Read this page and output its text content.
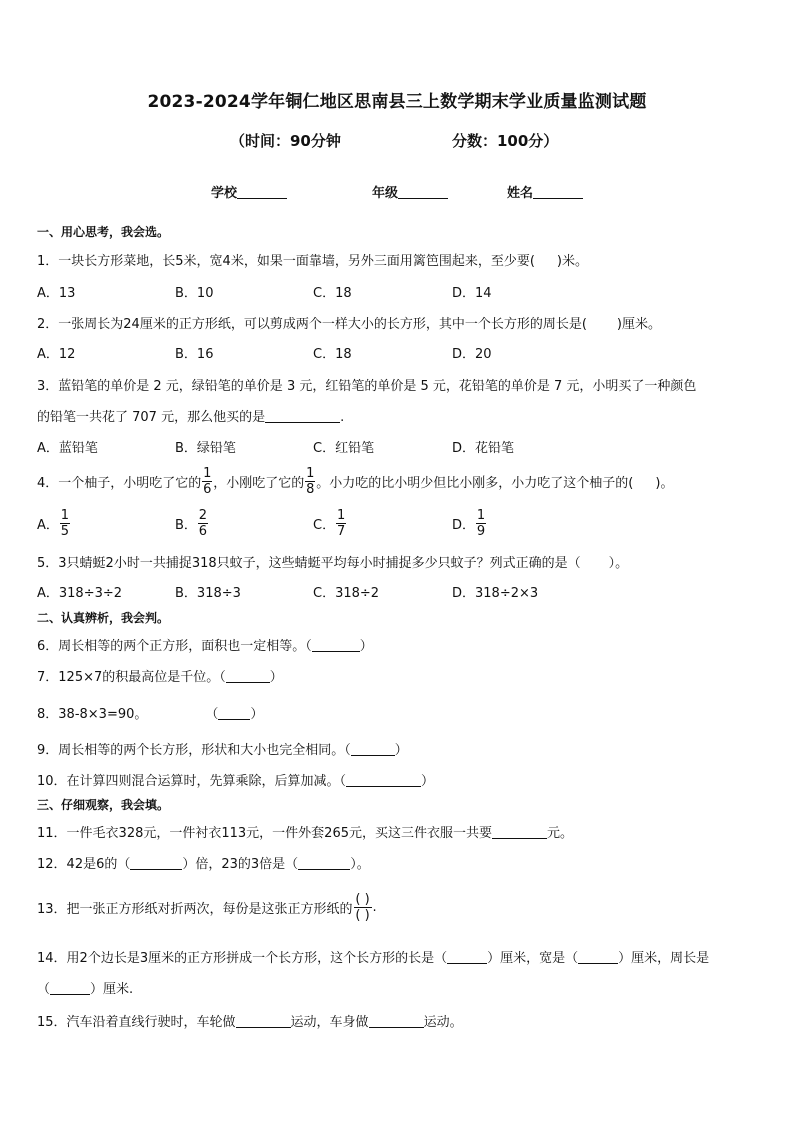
2023-2024学年铜仁地区思南县三上数学期末学业质量监测试题
（时间：90分钟	分数：100分）
学校	年级	姓名
一、用心思考，我会选。
1．一块长方形菜地，长5米，宽4米，如果一面靠墙，另外三面用篱笆围起来，至少要( )米。
A．13	B．10	C．18	D．14
2．一张周长为24厘米的正方形纸，可以剪成两个一样大小的长方形，其中一个长方形的周长是( )厘米。
A．12	B．16	C．18	D．20
3．蓝铅笔的单价是 2 元，绿铅笔的单价是 3 元，红铅笔的单价是 5 元，花铅笔的单价是 7 元，小明买了一种颜色
的铅笔一共花了 707 元，那么他买的是	.
A．蓝铅笔	B．绿铅笔	C．红铅笔	D．花铅笔
4．一个柚子，小明吃了它的 $\frac{1}{6}$ ，小刚吃了它的 $\frac{1}{8}$ 。小力吃的比小明少但比小刚多，小力吃了这个柚子的( )。
A． $\frac{1}{5}$	B． $\frac{2}{6}$	C． $\frac{1}{7}$	D． $\frac{1}{9}$
5．3只蜻蜓2小时一共捕捉318只蚊子，这些蜻蜓平均每小时捕捉多少只蚊子？列式正确的是（ ）。
A．318÷3÷2	B．318÷3	C．318÷2	D．318÷2×3
二、认真辨析，我会判。
6．周长相等的两个正方形，面积也一定相等。（	）
7．125×7的积最高位是千位。（	）
8．38-8×3=90。	（ ）
9．周长相等的两个长方形，形状和大小也完全相同。（	）
10．在计算四则混合运算时，先算乘除，后算加减。（	）
三、仔细观察，我会填。
11．一件毛衣328元，一件衬衣113元，一件外套265元，买这三件衣服一共要	元。
12．42是6的（	）倍，23的3倍是（	）。
13．把一张正方形纸对折两次，每份是这张正方形纸的 $\frac{( )}{( )}$ .
14．用2个边长是3厘米的正方形拼成一个长方形，这个长方形的长是（	）厘米，宽是（	）厘米，周长是
（	）厘米.
15．汽车沿着直线行驶时，车轮做	运动，车身做	运动。
